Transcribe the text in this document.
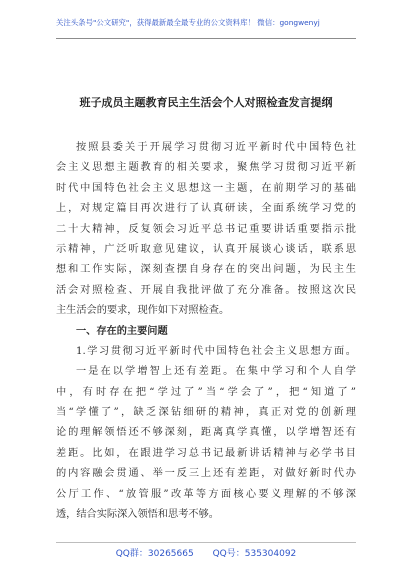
关注头条号"公文研究"，获得最新最全最专业的公文资料库！ 微信：gongwenyj
班子成员主题教育民主生活会个人对照检查发言提纲
按照县委关于开展学习贯彻习近平新时代中国特色社
会主义思想主题教育的相关要求，聚焦学习贯彻习近平新
时代中国特色社会主义思想这一主题，在前期学习的基础
上，对规定篇目再次进行了认真研读，全面系统学习党的
二十大精神，反复领会习近平总书记重要讲话重要指示批
示精神，广泛听取意见建议，认真开展谈心谈话，联系思
想和工作实际，深刻查摆自身存在的突出问题，为民主生
活会对照检查、开展自我批评做了充分准备。按照这次民
主生活会的要求，现作如下对照检查。
一、存在的主要问题
1.学习贯彻习近平新时代中国特色社会主义思想方面。
一是在以学增智上还有差距。在集中学习和个人自学
中，有时存在把“学过了”当“学会了”，把“知道了”
当“学懂了”，缺乏深钻细研的精神，真正对党的创新理
论的理解领悟还不够深刻，距离真学真懂，以学增智还有
差距。比如，在跟进学习总书记最新讲话精神与必学书目
的内容融会贯通、举一反三上还有差距，对做好新时代办
公厅工作、“放管服”改革等方面核心要义理解的不够深
透，结合实际深入领悟和思考不够。
QQ群：30265665 QQ号：535304092
